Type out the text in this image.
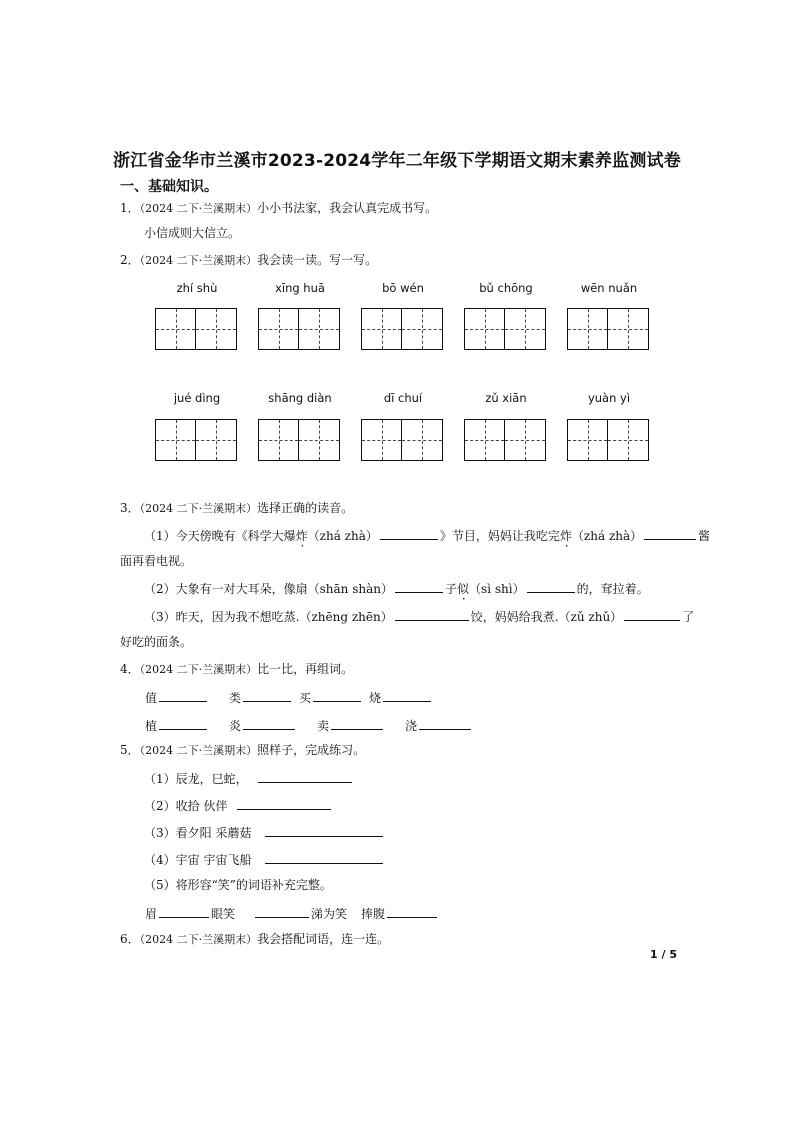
浙江省金华市兰溪市2023-2024学年二年级下学期语文期末素养监测试卷
一、基础知识。
1．（2024 二下·兰溪期末）小小书法家，我会认真完成书写。
小信成则大信立。
2．（2024 二下·兰溪期末）我会读一读。写一写。
zhí shù	xīng huā	bō wén	bǔ chōng	wēn nuǎn
jué dìng	shāng diàn	dī chuí	zǔ xiān	yuàn yì
3．（2024 二下·兰溪期末）选择正确的读音。
（1）今天傍晚有《科学大爆炸（zhá zhà）	》节目，妈妈让我吃完炸（zhá zhà）	酱
面再看电视。
（2）大象有一对大耳朵，像扇（shān shàn）	子似（sì shì）	的，耷拉着。
（3）昨天，因为我不想吃蒸.（zhēng zhēn）	饺，妈妈给我煮.（zǔ zhǔ）	了
好吃的面条。
4．（2024 二下·兰溪期末）比一比，再组词。
值	类	买	烧
植	炎	卖	浇
5．（2024 二下·兰溪期末）照样子，完成练习。
（1）辰龙，巳蛇，
（2）收拾 伙伴
（3）看夕阳 采蘑菇
（4）宇宙 宇宙飞船
（5）将形容“笑”的词语补充完整。
眉	眼笑	涕为笑 捧腹
6．（2024 二下·兰溪期末）我会搭配词语，连一连。
1 / 5
